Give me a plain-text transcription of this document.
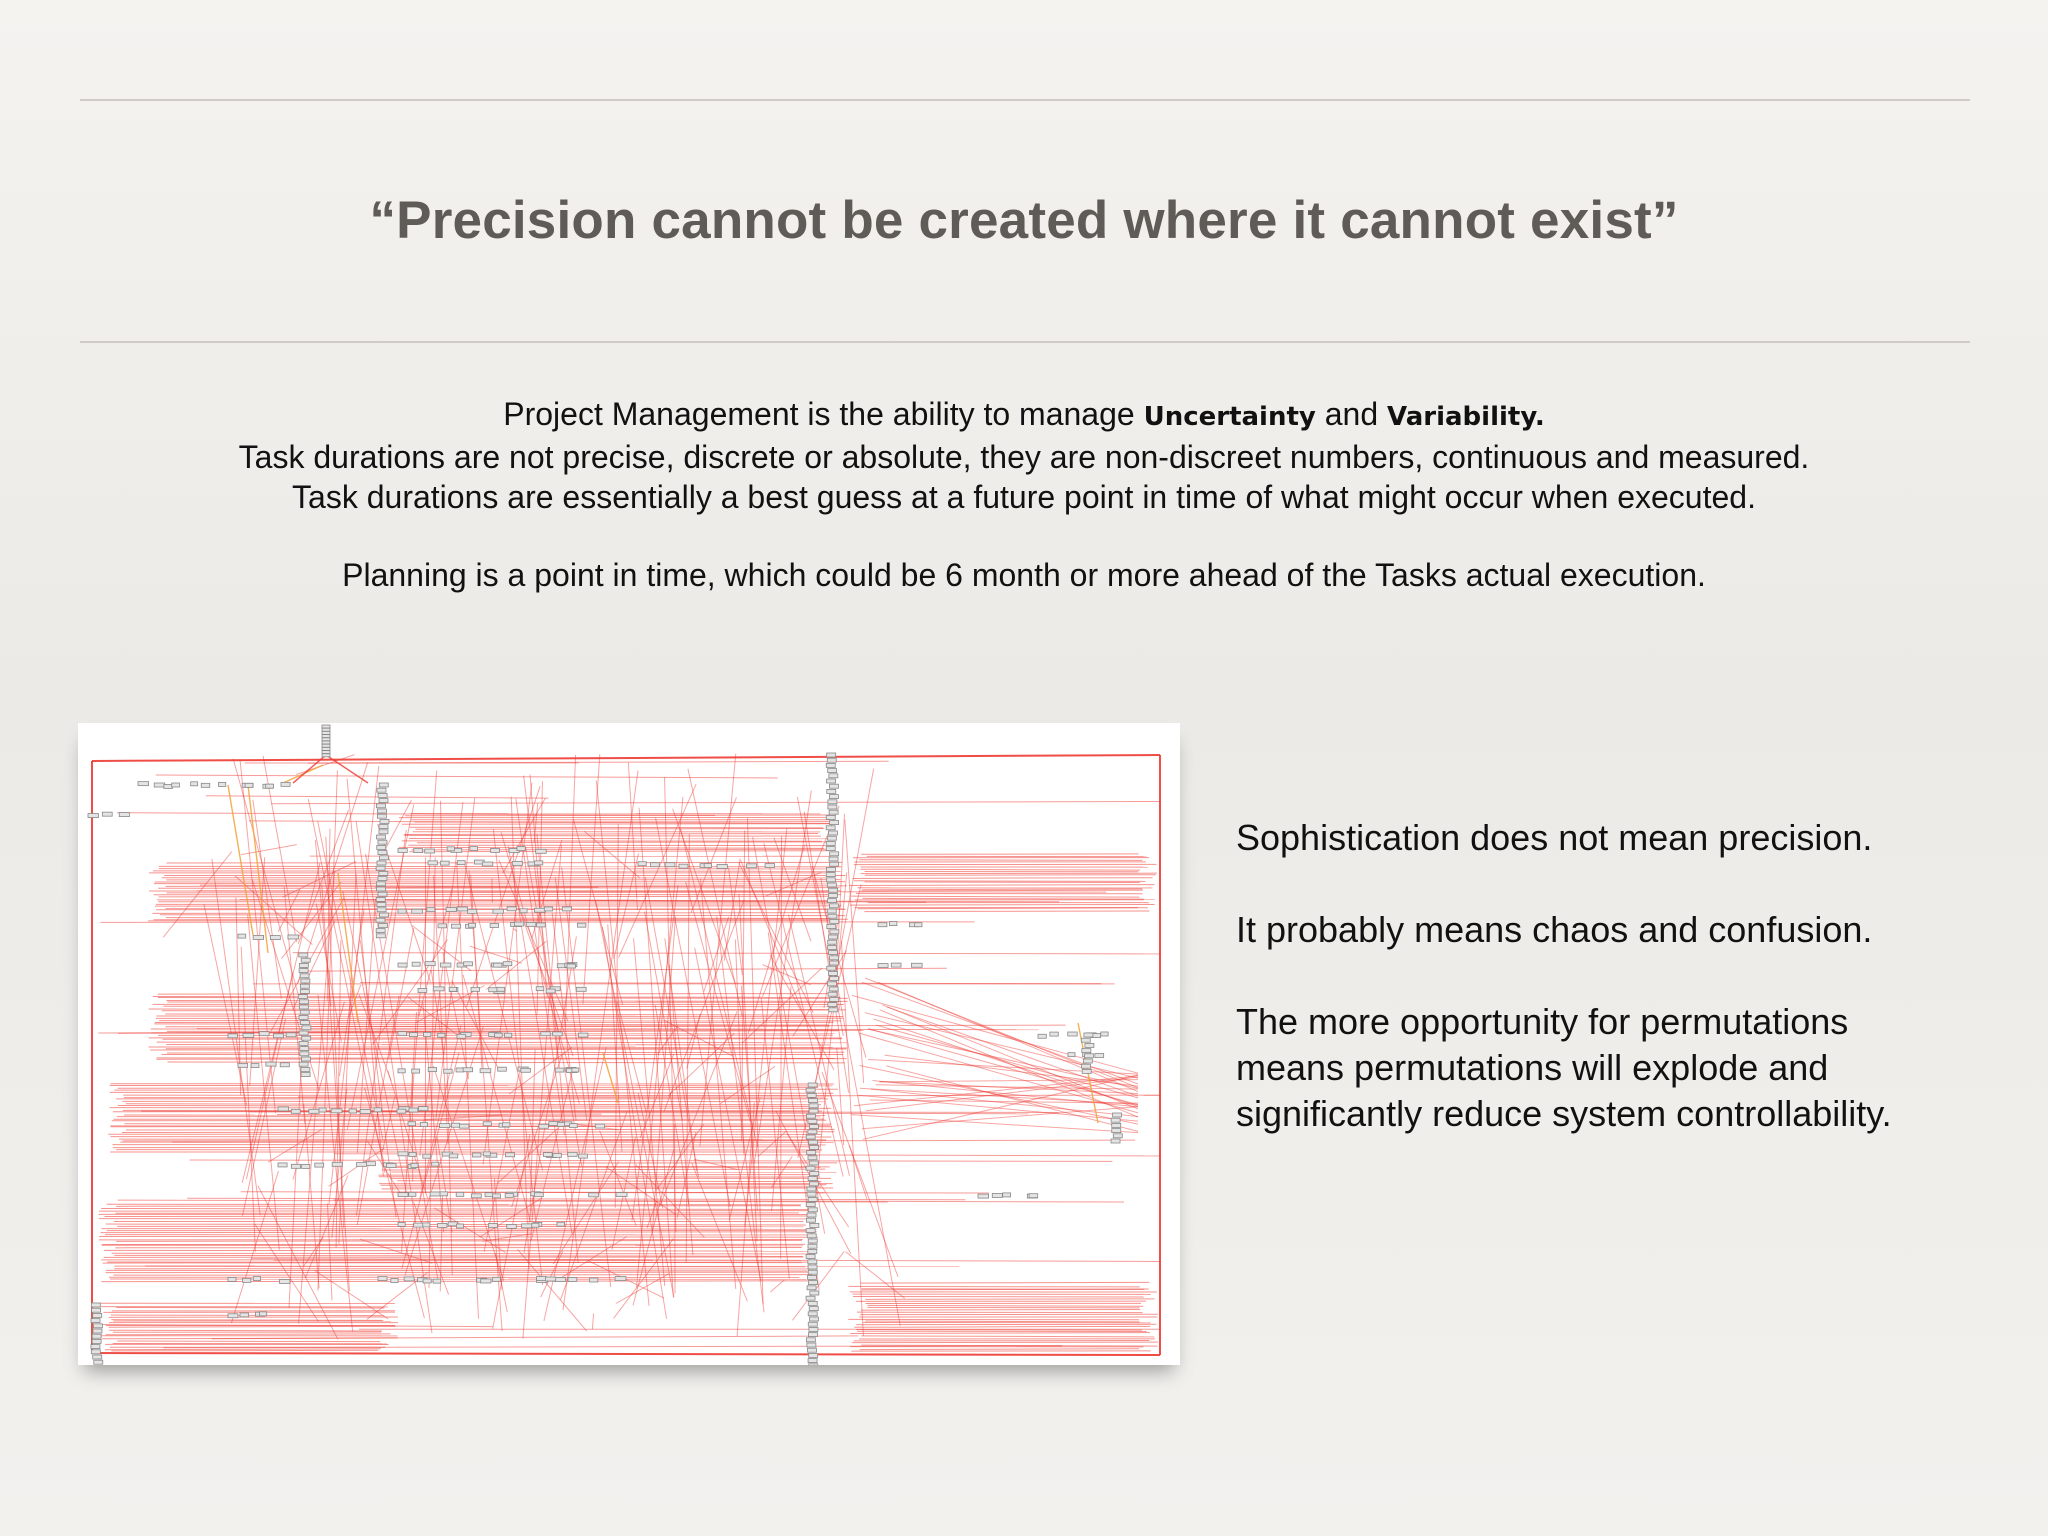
“Precision cannot be created where it cannot exist”

Project Management is the ability to manage Uncertainty and Variability.

Task durations are not precise, discrete or absolute, they are non-discreet numbers, continuous and measured.

Task durations are essentially a best guess at a future point in time of what might occur when executed.

Planning is a point in time, which could be 6 month or more ahead of the Tasks actual execution.

Sophistication does not mean precision.

It probably means chaos and confusion.

The more opportunity for permutations means permutations will explode and significantly reduce system controllability.
